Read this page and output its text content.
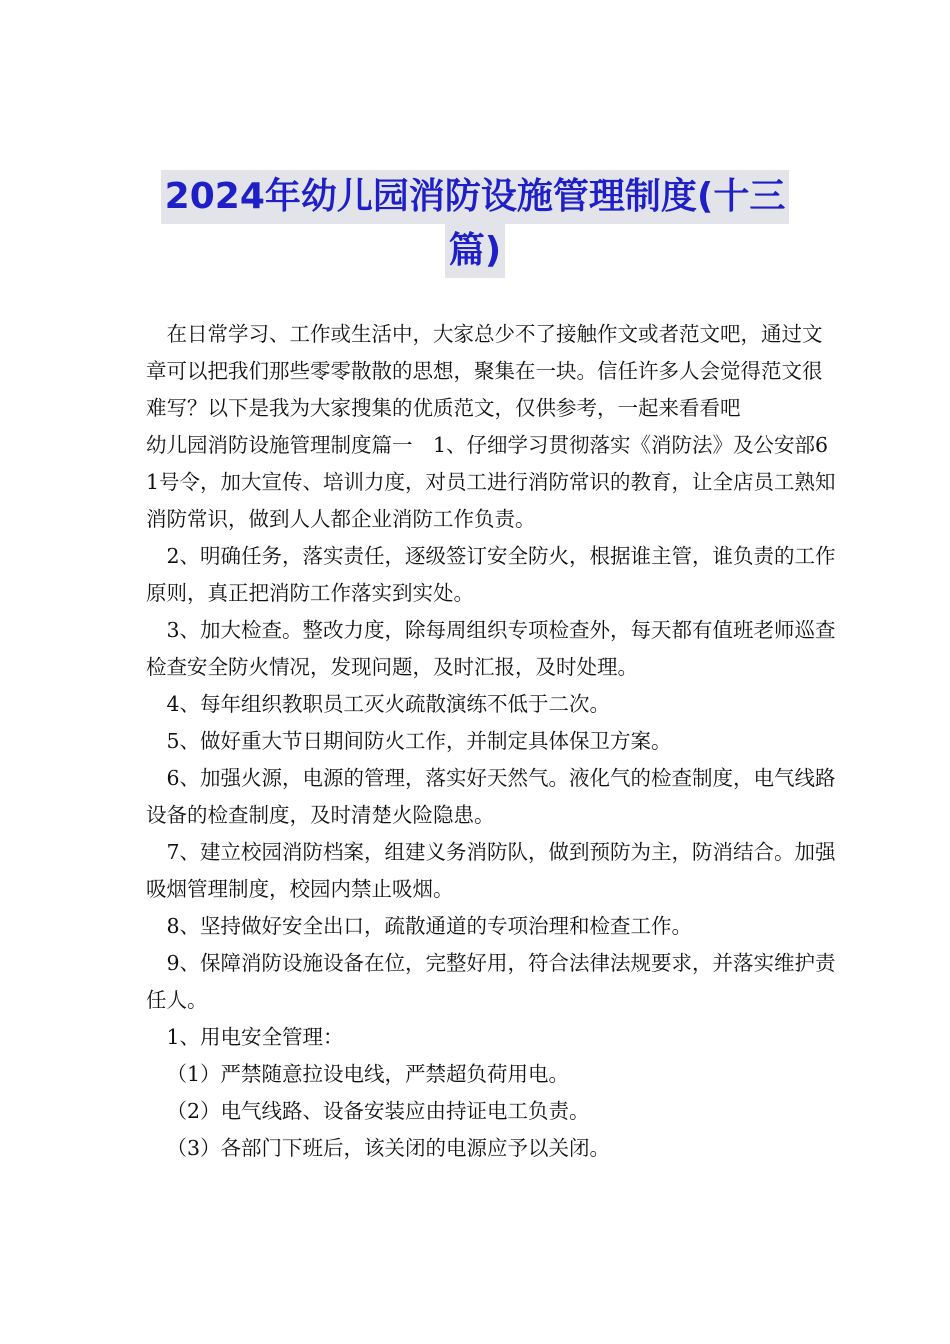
2024年幼儿园消防设施管理制度(十三
篇)

在日常学习、工作或生活中，大家总少不了接触作文或者范文吧，通过文章可以把我们那些零零散散的思想，聚集在一块。信任许多人会觉得范文很难写？以下是我为大家搜集的优质范文，仅供参考，一起来看看吧

幼儿园消防设施管理制度篇一　1、仔细学习贯彻落实《消防法》及公安部61号令，加大宣传、培训力度，对员工进行消防常识的教育，让全店员工熟知消防常识，做到人人都企业消防工作负责。

2、明确任务，落实责任，逐级签订安全防火，根据谁主管，谁负责的工作原则，真正把消防工作落实到实处。

3、加大检查。整改力度，除每周组织专项检查外，每天都有值班老师巡查检查安全防火情况，发现问题，及时汇报，及时处理。

4、每年组织教职员工灭火疏散演练不低于二次。

5、做好重大节日期间防火工作，并制定具体保卫方案。

6、加强火源，电源的管理，落实好天然气。液化气的检查制度，电气线路设备的检查制度，及时清楚火险隐患。

7、建立校园消防档案，组建义务消防队，做到预防为主，防消结合。加强吸烟管理制度，校园内禁止吸烟。

8、坚持做好安全出口，疏散通道的专项治理和检查工作。

9、保障消防设施设备在位，完整好用，符合法律法规要求，并落实维护责任人。

1、用电安全管理：

（1）严禁随意拉设电线，严禁超负荷用电。

（2）电气线路、设备安装应由持证电工负责。

（3）各部门下班后，该关闭的电源应予以关闭。
